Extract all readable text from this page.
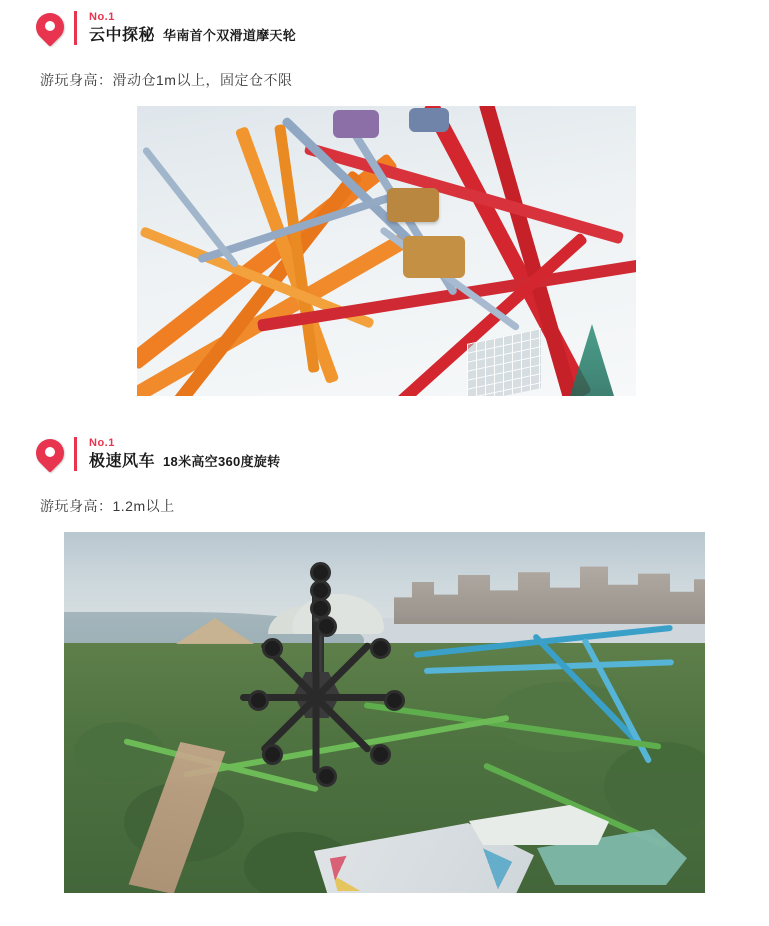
No.1
云中探秘 华南首个双滑道摩天轮
游玩身高：滑动仓1m以上，固定仓不限
No.1
极速风车 18米高空360度旋转
游玩身高：1.2m以上
